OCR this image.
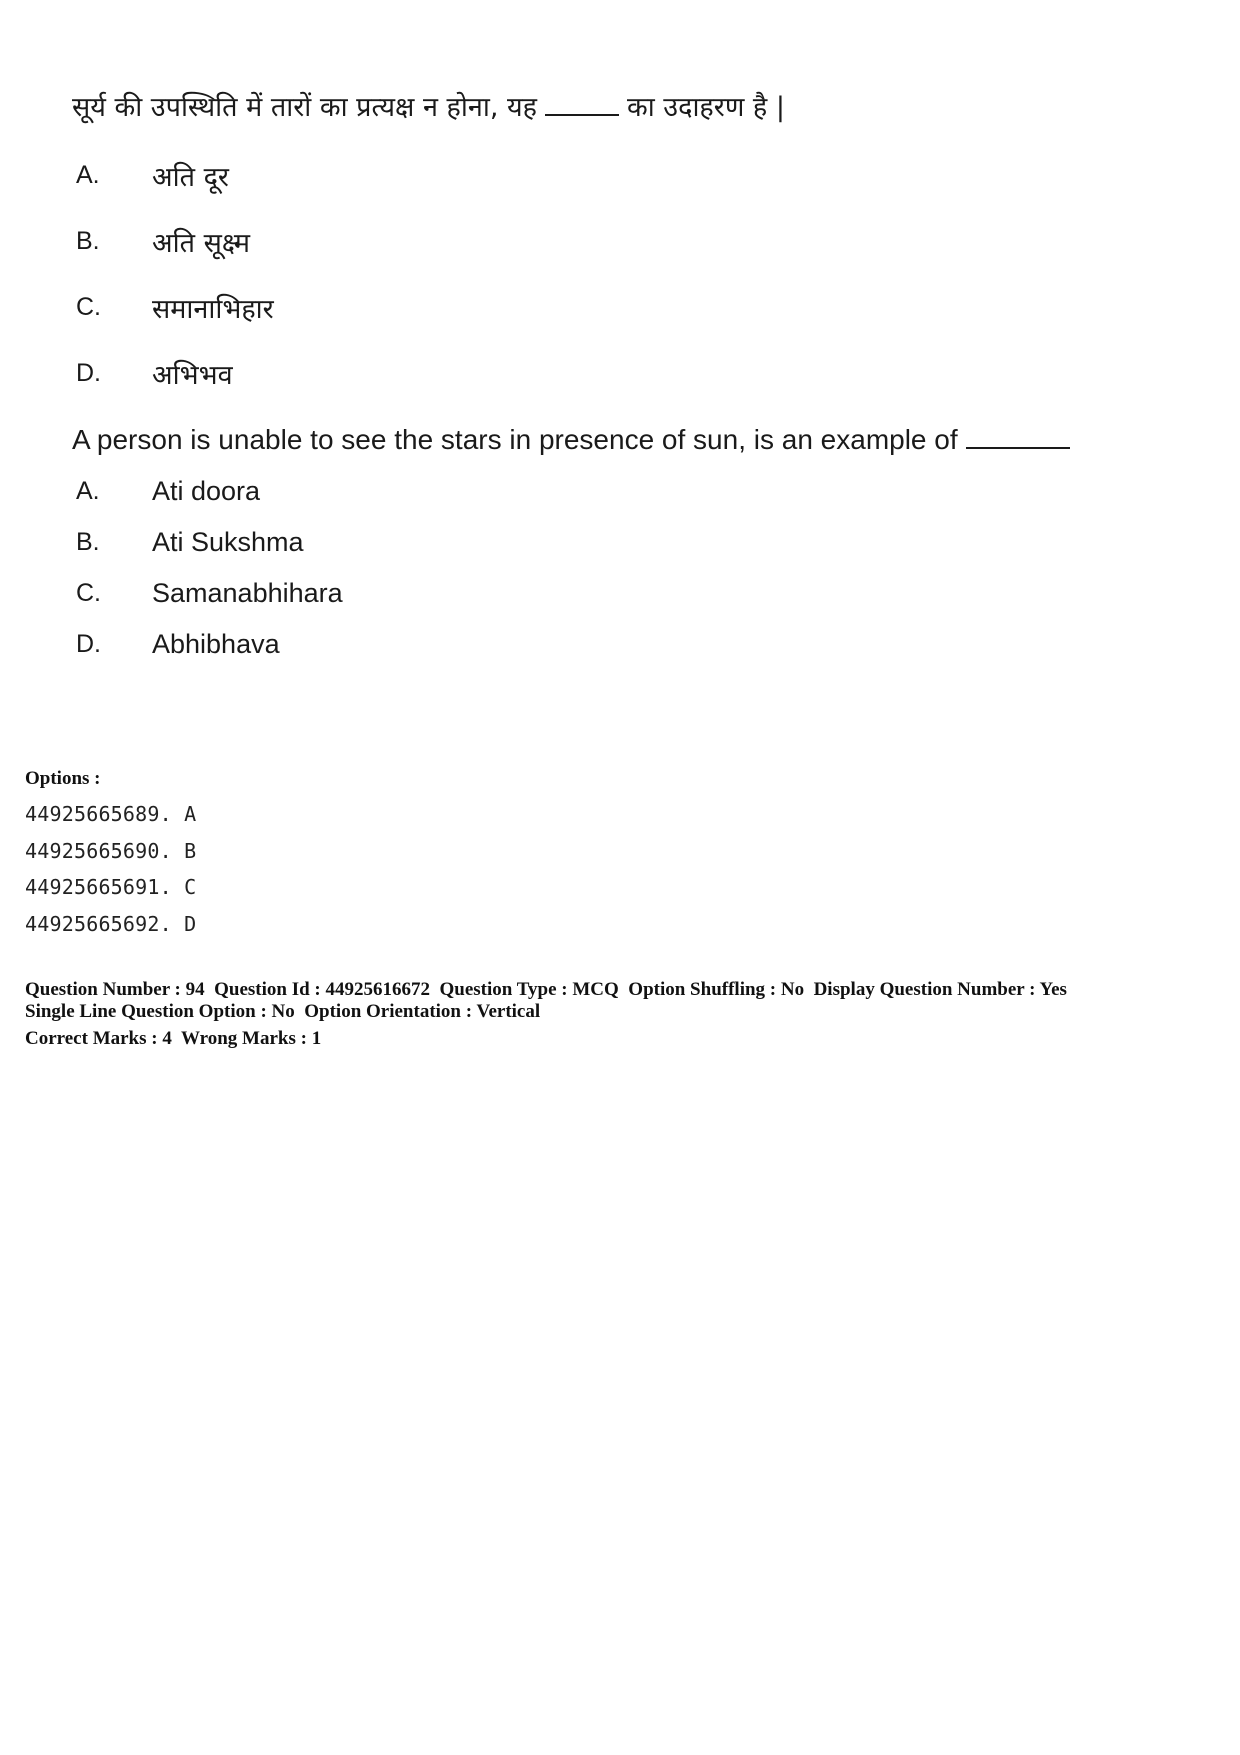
सूर्य की उपस्थिति में तारों का प्रत्यक्ष न होना, यह	का उदाहरण है |

A.	अति दूर
B.	अति सूक्ष्म
C.	समानाभिहार
D.	अभिभव

A person is unable to see the stars in presence of sun, is an example of

A.	Ati doora
B.	Ati Sukshma
C.	Samanabhihara
D.	Abhibhava

Options :

44925665689. A
44925665690. B
44925665691. C
44925665692. D

Question Number : 94  Question Id : 44925616672  Question Type : MCQ  Option Shuffling : No  Display Question Number : Yes

Single Line Question Option : No  Option Orientation : Vertical

Correct Marks : 4  Wrong Marks : 1
